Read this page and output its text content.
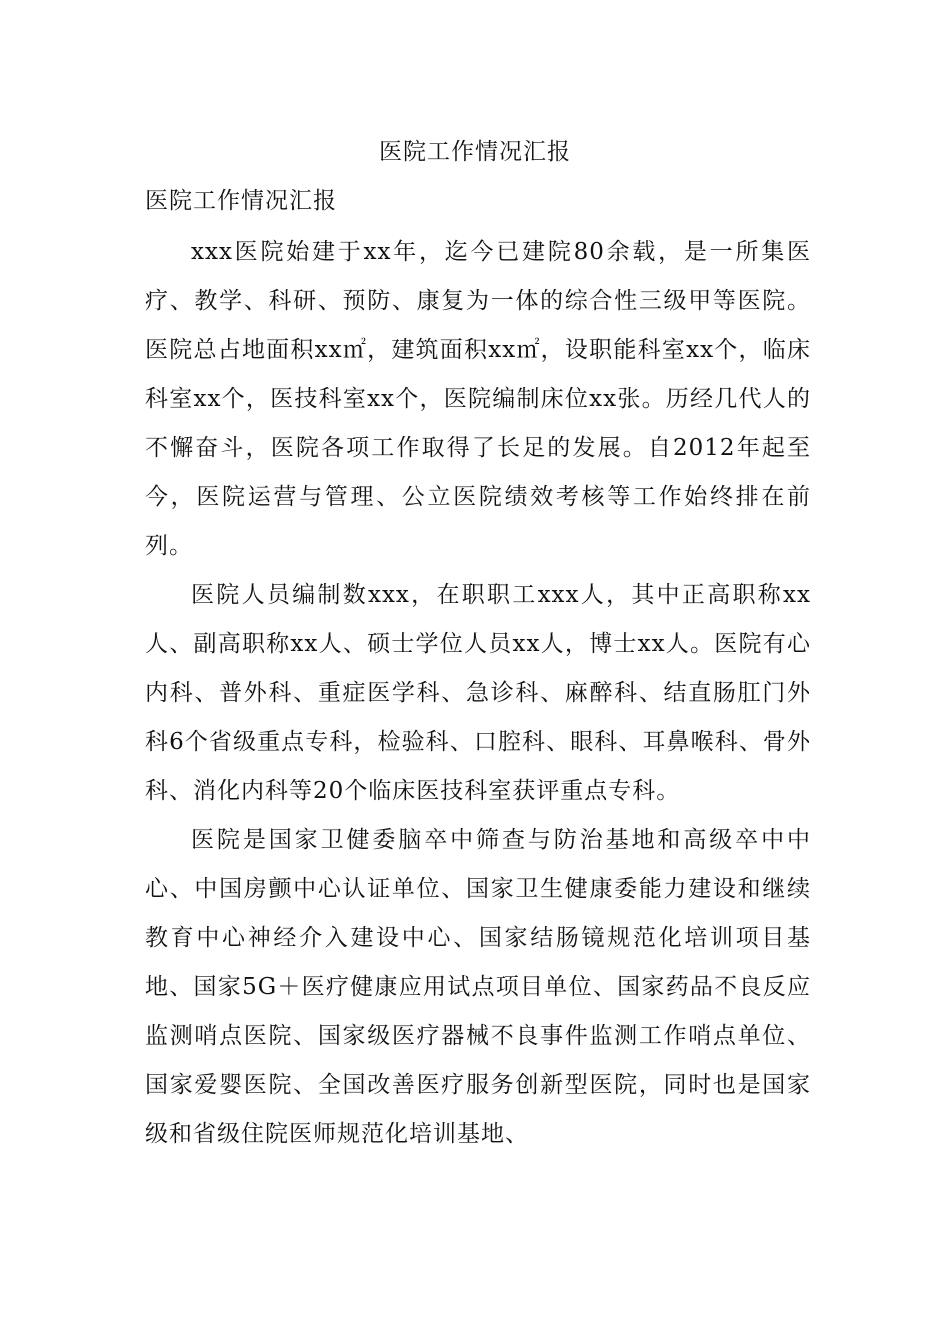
医院工作情况汇报
医院工作情况汇报

xxx医院始建于xx年，迄今已建院80余载，是一所集医疗、教学、科研、预防、康复为一体的综合性三级甲等医院。医院总占地面积xx㎡，建筑面积xx㎡，设职能科室xx个，临床科室xx个，医技科室xx个，医院编制床位xx张。历经几代人的不懈奋斗，医院各项工作取得了长足的发展。自2012年起至今，医院运营与管理、公立医院绩效考核等工作始终排在前列。

医院人员编制数xxx，在职职工xxx人，其中正高职称xx人、副高职称xx人、硕士学位人员xx人，博士xx人。医院有心内科、普外科、重症医学科、急诊科、麻醉科、结直肠肛门外科6个省级重点专科，检验科、口腔科、眼科、耳鼻喉科、骨外科、消化内科等20个临床医技科室获评重点专科。

医院是国家卫健委脑卒中筛查与防治基地和高级卒中中心、中国房颤中心认证单位、国家卫生健康委能力建设和继续教育中心神经介入建设中心、国家结肠镜规范化培训项目基地、国家5G＋医疗健康应用试点项目单位、国家药品不良反应监测哨点医院、国家级医疗器械不良事件监测工作哨点单位、国家爱婴医院、全国改善医疗服务创新型医院，同时也是国家级和省级住院医师规范化培训基地、
